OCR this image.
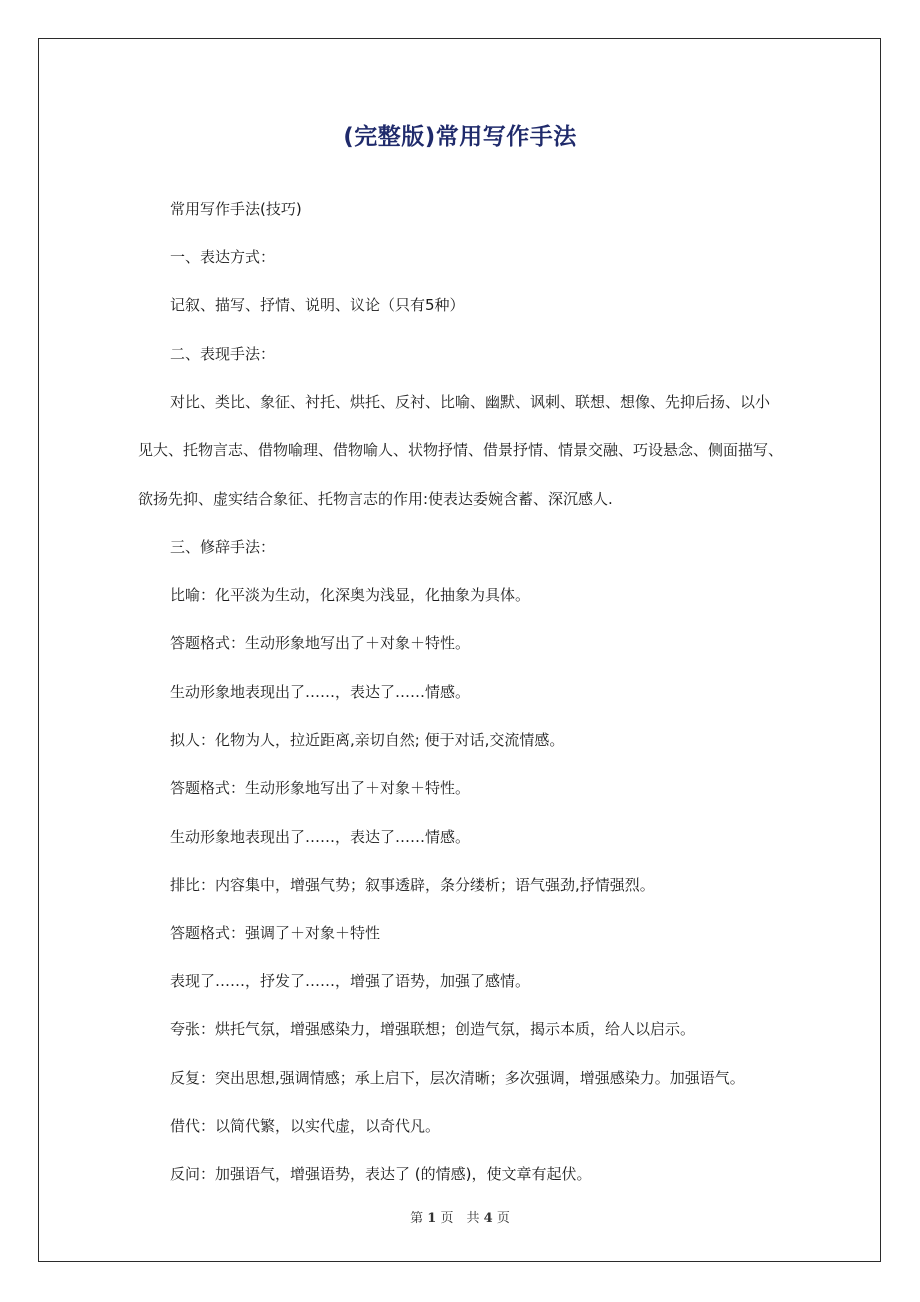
(完整版)常用写作手法
常用写作手法(技巧)
一、表达方式：
记叙、描写、抒情、说明、议论（只有5种）
二、表现手法：
对比、类比、象征、衬托、烘托、反衬、比喻、幽默、讽刺、联想、想像、先抑后扬、以小
见大、托物言志、借物喻理、借物喻人、状物抒情、借景抒情、情景交融、巧设悬念、侧面描写、
欲扬先抑、虚实结合象征、托物言志的作用:使表达委婉含蓄、深沉感人.
三、修辞手法：
比喻：化平淡为生动，化深奥为浅显，化抽象为具体。
答题格式：生动形象地写出了＋对象＋特性。
生动形象地表现出了……，表达了……情感。
拟人：化物为人，拉近距离,亲切自然; 便于对话,交流情感。
答题格式：生动形象地写出了＋对象＋特性。
生动形象地表现出了……，表达了……情感。
排比：内容集中，增强气势；叙事透辟，条分缕析；语气强劲,抒情强烈。
答题格式：强调了＋对象＋特性
表现了……，抒发了……，增强了语势，加强了感情。
夸张：烘托气氛，增强感染力，增强联想；创造气氛，揭示本质，给人以启示。
反复：突出思想,强调情感；承上启下，层次清晰；多次强调，增强感染力。加强语气。
借代：以简代繁，以实代虚，以奇代凡。
反问：加强语气，增强语势，表达了 (的情感)，使文章有起伏。
第 1 页　共 4 页
